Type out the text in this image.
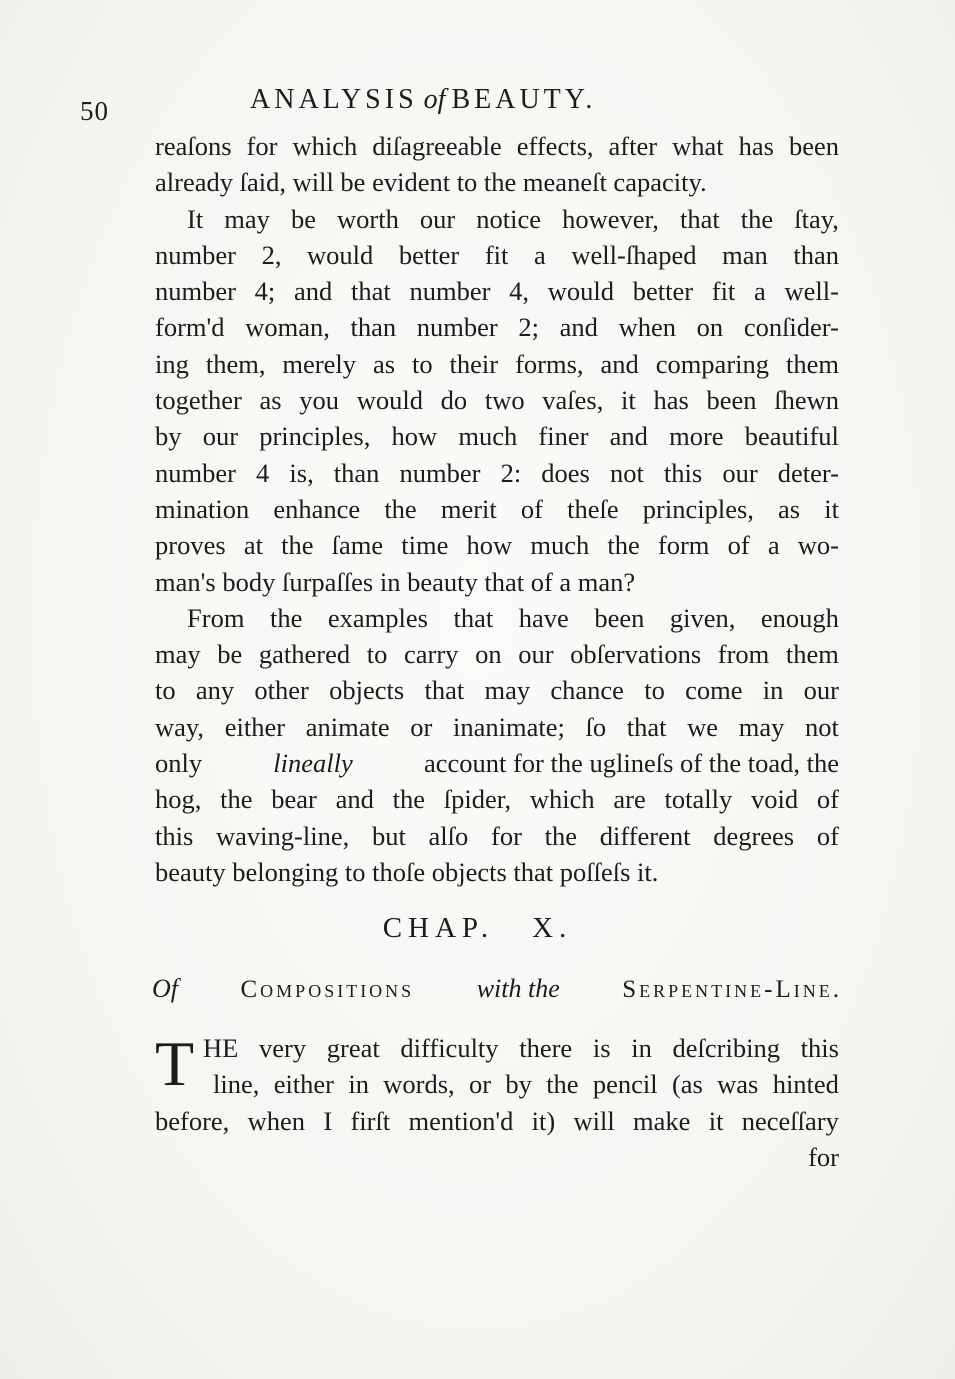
50	ANALYSIS of BEAUTY.
reaſons for which diſagreeable effects, after what has been
already ſaid, will be evident to the meaneſt capacity.
It may be worth our notice however, that the ſtay,
number 2, would better fit a well-ſhaped man than
number 4; and that number 4, would better fit a well-
form'd woman, than number 2; and when on conſider-
ing them, merely as to their forms, and comparing them
together as you would do two vaſes, it has been ſhewn
by our principles, how much finer and more beautiful
number 4 is, than number 2: does not this our deter-
mination enhance the merit of theſe principles, as it
proves at the ſame time how much the form of a wo-
man's body ſurpaſſes in beauty that of a man?
From the examples that have been given, enough
may be gathered to carry on our obſervations from them
to any other objects that may chance to come in our
way, either animate or inanimate; ſo that we may not
only	lineally	account for the uglineſs of the toad, the
hog, the bear and the ſpider, which are totally void of
this waving-line, but alſo for the different degrees of
beauty belonging to thoſe objects that poſſeſs it.
CHAP. X.
Of	Compositions with the	Serpentine-Line.
T HE very great difficulty there is in deſcribing this
line, either in words, or by the pencil (as was hinted
before, when I firſt mention'd it) will make it neceſſary
for
